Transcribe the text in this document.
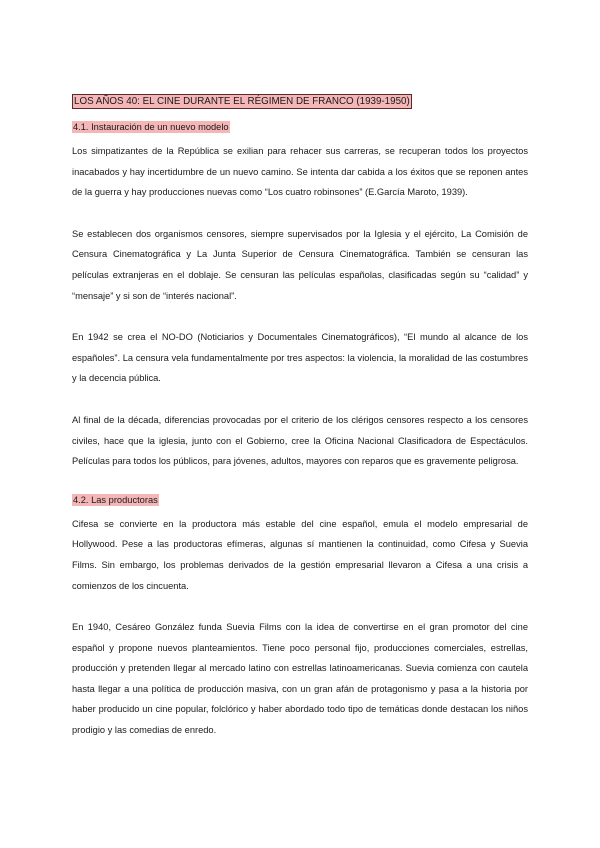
LOS AÑOS 40: EL CINE DURANTE EL RÉGIMEN DE FRANCO (1939-1950)
4.1. Instauración de un nuevo modelo

Los simpatizantes de la República se exilian para rehacer sus carreras, se recuperan todos los proyectos inacabados y hay incertidumbre de un nuevo camino. Se intenta dar cabida a los éxitos que se reponen antes de la guerra y hay producciones nuevas como “Los cuatro robinsones” (E.García Maroto, 1939).

Se establecen dos organismos censores, siempre supervisados por la Iglesia y el ejército, La Comisión de Censura Cinematográfica y La Junta Superior de Censura Cinematográfica. También se censuran las películas extranjeras en el doblaje. Se censuran las películas españolas, clasificadas según su “calidad” y “mensaje” y si son de “interés nacional”.

En 1942 se crea el NO-DO (Noticiarios y Documentales Cinematográficos), “El mundo al alcance de los españoles”. La censura vela fundamentalmente por tres aspectos: la violencia, la moralidad de las costumbres y la decencia pública.

Al final de la década, diferencias provocadas por el criterio de los clérigos censores respecto a los censores civiles, hace que la iglesia, junto con el Gobierno, cree la Oficina Nacional Clasificadora de Espectáculos. Películas para todos los públicos, para jóvenes, adultos, mayores con reparos que es gravemente peligrosa.

4.2. Las productoras

Cifesa se convierte en la productora más estable del cine español, emula el modelo empresarial de Hollywood. Pese a las productoras efímeras, algunas sí mantienen la continuidad, como Cifesa y Suevia Films. Sin embargo, los problemas derivados de la gestión empresarial llevaron a Cifesa a una crisis a comienzos de los cincuenta.

En 1940, Cesáreo González funda Suevia Films con la idea de convertirse en el gran promotor del cine español y propone nuevos planteamientos. Tiene poco personal fijo, producciones comerciales, estrellas, producción y pretenden llegar al mercado latino con estrellas latinoamericanas. Suevia comienza con cautela hasta llegar a una política de producción masiva, con un gran afán de protagonismo y pasa a la historia por haber producido un cine popular, folclórico y haber abordado todo tipo de temáticas donde destacan los niños prodigio y las comedias de enredo.
